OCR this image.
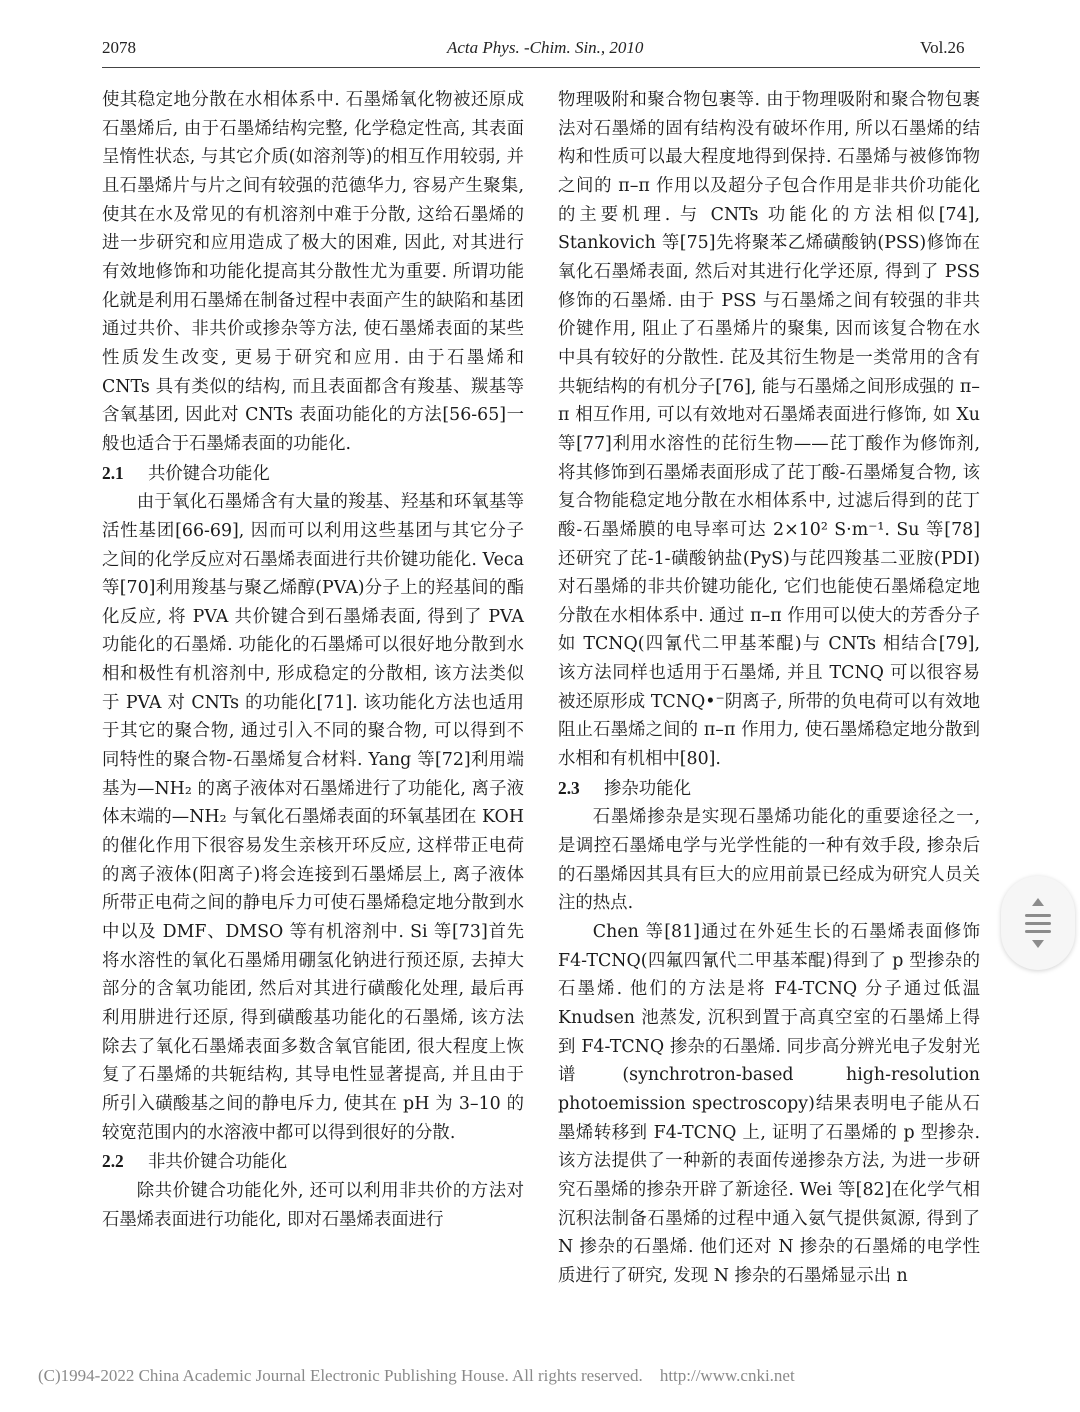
2078	Acta Phys. -Chim. Sin., 2010	Vol.26

使其稳定地分散在水相体系中. 石墨烯氧化物被还原成石墨烯后, 由于石墨烯结构完整, 化学稳定性高, 其表面呈惰性状态, 与其它介质(如溶剂等)的相互作用较弱, 并且石墨烯片与片之间有较强的范德华力, 容易产生聚集, 使其在水及常见的有机溶剂中难于分散, 这给石墨烯的进一步研究和应用造成了极大的困难, 因此, 对其进行有效地修饰和功能化提高其分散性尤为重要. 所谓功能化就是利用石墨烯在制备过程中表面产生的缺陷和基团通过共价、非共价或掺杂等方法, 使石墨烯表面的某些性质发生改变, 更易于研究和应用. 由于石墨烯和 CNTs 具有类似的结构, 而且表面都含有羧基、羰基等含氧基团, 因此对 CNTs 表面功能化的方法[56-65]一般也适合于石墨烯表面的功能化.

2.1 共价键合功能化

由于氧化石墨烯含有大量的羧基、羟基和环氧基等活性基团[66-69], 因而可以利用这些基团与其它分子之间的化学反应对石墨烯表面进行共价键功能化. Veca 等[70]利用羧基与聚乙烯醇(PVA)分子上的羟基间的酯化反应, 将 PVA 共价键合到石墨烯表面, 得到了 PVA 功能化的石墨烯. 功能化的石墨烯可以很好地分散到水相和极性有机溶剂中, 形成稳定的分散相, 该方法类似于 PVA 对 CNTs 的功能化[71]. 该功能化方法也适用于其它的聚合物, 通过引入不同的聚合物, 可以得到不同特性的聚合物-石墨烯复合材料. Yang 等[72]利用端基为—NH₂ 的离子液体对石墨烯进行了功能化, 离子液体末端的—NH₂ 与氧化石墨烯表面的环氧基团在 KOH 的催化作用下很容易发生亲核开环反应, 这样带正电荷的离子液体(阳离子)将会连接到石墨烯层上, 离子液体所带正电荷之间的静电斥力可使石墨烯稳定地分散到水中以及 DMF、DMSO 等有机溶剂中. Si 等[73]首先将水溶性的氧化石墨烯用硼氢化钠进行预还原, 去掉大部分的含氧功能团, 然后对其进行磺酸化处理, 最后再利用肼进行还原, 得到磺酸基功能化的石墨烯, 该方法除去了氧化石墨烯表面多数含氧官能团, 很大程度上恢复了石墨烯的共轭结构, 其导电性显著提高, 并且由于所引入磺酸基之间的静电斥力, 使其在 pH 为 3–10 的较宽范围内的水溶液中都可以得到很好的分散.

2.2 非共价键合功能化

除共价键合功能化外, 还可以利用非共价的方法对石墨烯表面进行功能化, 即对石墨烯表面进行

物理吸附和聚合物包裹等. 由于物理吸附和聚合物包裹法对石墨烯的固有结构没有破坏作用, 所以石墨烯的结构和性质可以最大程度地得到保持. 石墨烯与被修饰物之间的 π–π 作用以及超分子包合作用是非共价功能化的主要机理. 与 CNTs 功能化的方法相似[74], Stankovich 等[75]先将聚苯乙烯磺酸钠(PSS)修饰在氧化石墨烯表面, 然后对其进行化学还原, 得到了 PSS 修饰的石墨烯. 由于 PSS 与石墨烯之间有较强的非共价键作用, 阻止了石墨烯片的聚集, 因而该复合物在水中具有较好的分散性. 芘及其衍生物是一类常用的含有共轭结构的有机分子[76], 能与石墨烯之间形成强的 π–π 相互作用, 可以有效地对石墨烯表面进行修饰, 如 Xu 等[77]利用水溶性的芘衍生物——芘丁酸作为修饰剂, 将其修饰到石墨烯表面形成了芘丁酸-石墨烯复合物, 该复合物能稳定地分散在水相体系中, 过滤后得到的芘丁酸-石墨烯膜的电导率可达 2×10² S·m⁻¹. Su 等[78]还研究了芘-1-磺酸钠盐(PyS)与芘四羧基二亚胺(PDI)对石墨烯的非共价键功能化, 它们也能使石墨烯稳定地分散在水相体系中. 通过 π–π 作用可以使大的芳香分子如 TCNQ(四氰代二甲基苯醌)与 CNTs 相结合[79], 该方法同样也适用于石墨烯, 并且 TCNQ 可以很容易被还原形成 TCNQ•⁻阴离子, 所带的负电荷可以有效地阻止石墨烯之间的 π–π 作用力, 使石墨烯稳定地分散到水相和有机相中[80].

2.3 掺杂功能化

石墨烯掺杂是实现石墨烯功能化的重要途径之一, 是调控石墨烯电学与光学性能的一种有效手段, 掺杂后的石墨烯因其具有巨大的应用前景已经成为研究人员关注的热点.

Chen 等[81]通过在外延生长的石墨烯表面修饰 F4-TCNQ(四氟四氰代二甲基苯醌)得到了 p 型掺杂的石墨烯. 他们的方法是将 F4-TCNQ 分子通过低温 Knudsen 池蒸发, 沉积到置于高真空室的石墨烯上得到 F4-TCNQ 掺杂的石墨烯. 同步高分辨光电子发射光谱(synchrotron-based high-resolution photoemission spectroscopy)结果表明电子能从石墨烯转移到 F4-TCNQ 上, 证明了石墨烯的 p 型掺杂. 该方法提供了一种新的表面传递掺杂方法, 为进一步研究石墨烯的掺杂开辟了新途径. Wei 等[82]在化学气相沉积法制备石墨烯的过程中通入氨气提供氮源, 得到了 N 掺杂的石墨烯. 他们还对 N 掺杂的石墨烯的电学性质进行了研究, 发现 N 掺杂的石墨烯显示出 n

(C)1994-2022 China Academic Journal Electronic Publishing House. All rights reserved. http://www.cnki.net
